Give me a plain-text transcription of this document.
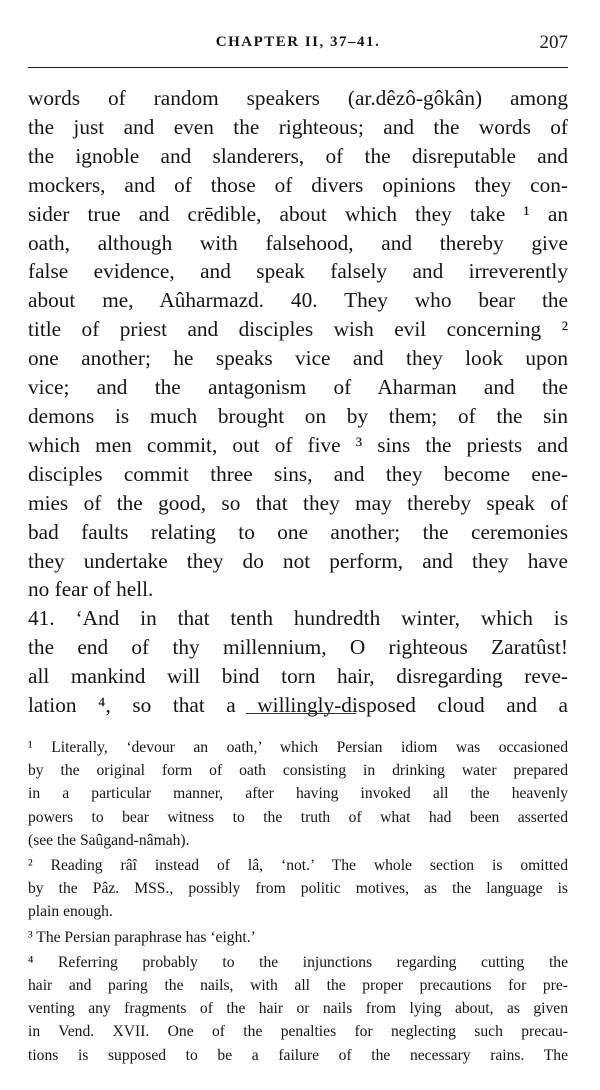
CHAPTER II, 37–41.	207
words of random speakers (ar.dêzô-gôkân) among
the just and even the righteous; and the words of
the ignoble and slanderers, of the disreputable and
mockers, and of those of divers opinions they con-
sider true and crēdible, about which they take ¹ an
oath, although with falsehood, and thereby give
false evidence, and speak falsely and irreverently
about me, Aûharmazd. 40. They who bear the
title of priest and disciples wish evil concerning ²
one another; he speaks vice and they look upon
vice; and the antagonism of Aharman and the
demons is much brought on by them; of the sin
which men commit, out of five ³ sins the priests and
disciples commit three sins, and they become ene-
mies of the good, so that they may thereby speak of
bad faults relating to one another; the ceremonies
they undertake they do not perform, and they have
no fear of hell.
41. ‘And in that tenth hundredth winter, which is
the end of thy millennium, O righteous Zaratûst!
all mankind will bind torn hair, disregarding reve-
lation ⁴, so that a willingly-disposed cloud and a
¹ Literally, ‘devour an oath,’ which Persian idiom was occasioned
by the original form of oath consisting in drinking water prepared
in a particular manner, after having invoked all the heavenly
powers to bear witness to the truth of what had been asserted
(see the Saûgand-nâmah).
² Reading râî instead of lâ, ‘not.’ The whole section is omitted
by the Pâz. MSS., possibly from politic motives, as the language is
plain enough.
³ The Persian paraphrase has ‘eight.’
⁴ Referring probably to the injunctions regarding cutting the
hair and paring the nails, with all the proper precautions for pre-
venting any fragments of the hair or nails from lying about, as given
in Vend. XVII. One of the penalties for neglecting such precau-
tions is supposed to be a failure of the necessary rains. The
